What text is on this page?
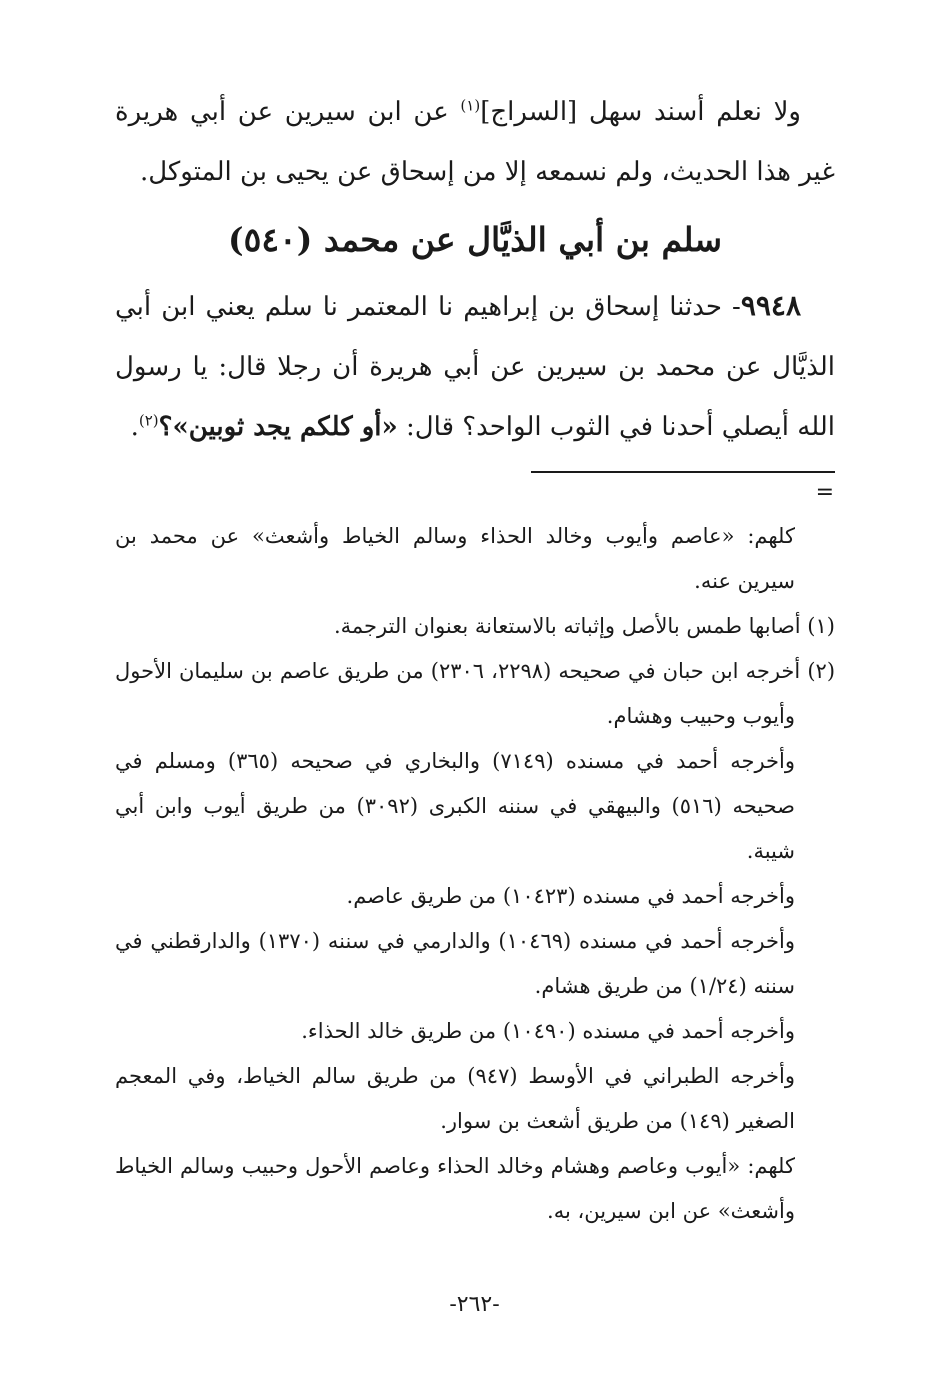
ولا نعلم أسند سهل [السراج]$^{(١)}$ عن ابن سيرين عن أبي هريرة غير هذا الحديث، ولم نسمعه إلا من إسحاق عن يحيى بن المتوكل.

سلم بن أبي الذيَّال عن محمد (٥٤٠)

٩٩٤٨- حدثنا إسحاق بن إبراهيم نا المعتمر نا سلم يعني ابن أبي الذيَّال عن محمد بن سيرين عن أبي هريرة أن رجلا قال: يا رسول الله أيصلي أحدنا في الثوب الواحد؟ قال: «أو كلكم يجد ثوبين»؟$^{(٢)}$.

=

كلهم: «عاصم وأيوب وخالد الحذاء وسالم الخياط وأشعث» عن محمد بن سيرين عنه.

(١) أصابها طمس بالأصل وإثباته بالاستعانة بعنوان الترجمة.

(٢) أخرجه ابن حبان في صحيحه (٢٢٩٨، ٢٣٠٦) من طريق عاصم بن سليمان الأحول وأيوب وحبيب وهشام.

وأخرجه أحمد في مسنده (٧١٤٩) والبخاري في صحيحه (٣٦٥) ومسلم في صحيحه (٥١٦) والبيهقي في سننه الكبرى (٣٠٩٢) من طريق أيوب وابن أبي شيبة.

وأخرجه أحمد في مسنده (١٠٤٢٣) من طريق عاصم.

وأخرجه أحمد في مسنده (١٠٤٦٩) والدارمي في سننه (١٣٧٠) والدارقطني في سننه (١/٢٤) من طريق هشام.

وأخرجه أحمد في مسنده (١٠٤٩٠) من طريق خالد الحذاء.

وأخرجه الطبراني في الأوسط (٩٤٧) من طريق سالم الخياط، وفي المعجم الصغير (١٤٩) من طريق أشعث بن سوار.

كلهم: «أيوب وعاصم وهشام وخالد الحذاء وعاصم الأحول وحبيب وسالم الخياط وأشعث» عن ابن سيرين، به.

-٢٦٢-
